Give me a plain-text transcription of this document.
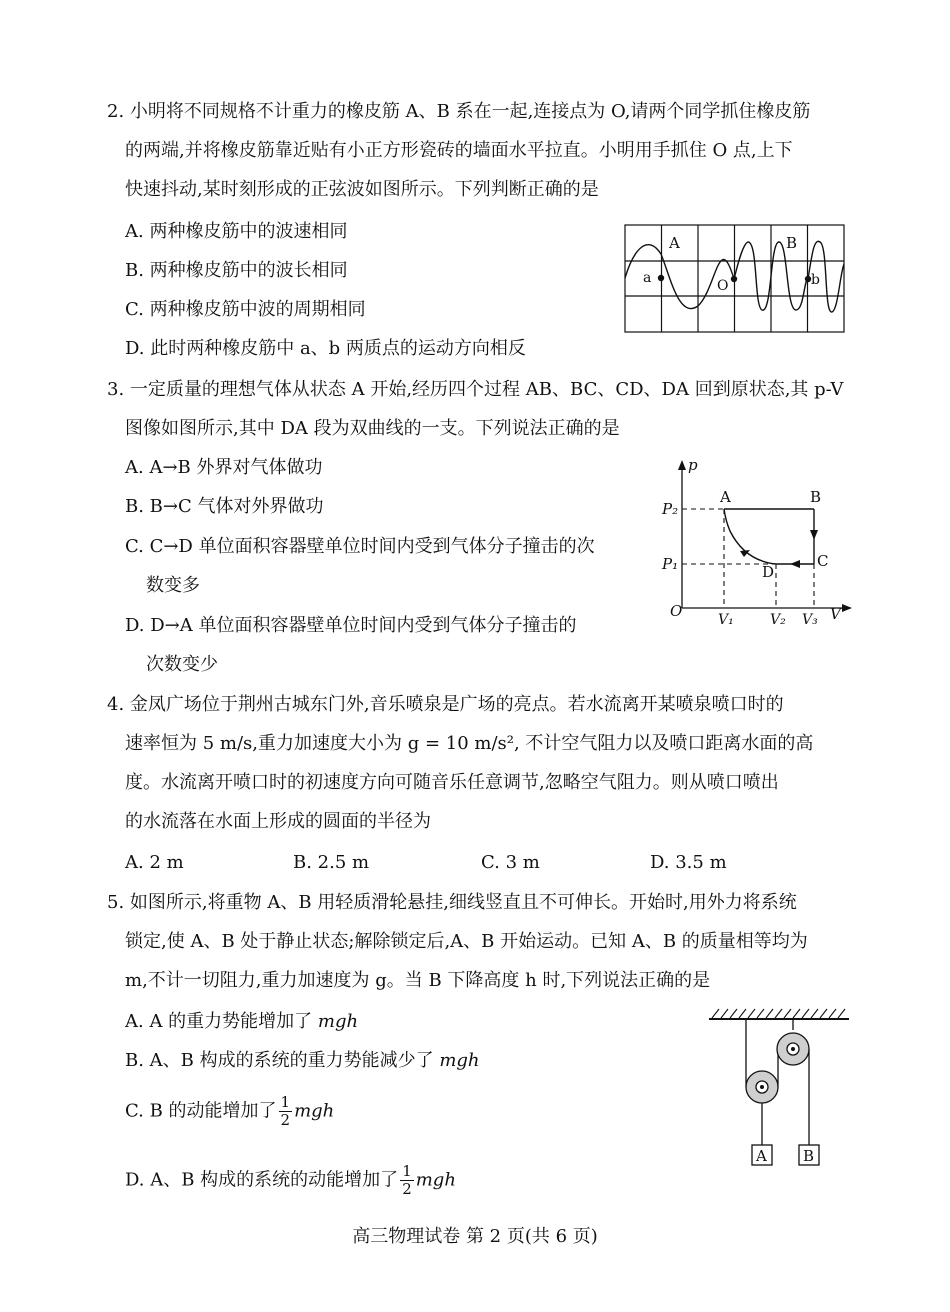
2. 小明将不同规格不计重力的橡皮筋 A、B 系在一起,连接点为 O,请两个同学抓住橡皮筋
的两端,并将橡皮筋靠近贴有小正方形瓷砖的墙面水平拉直。小明用手抓住 O 点,上下
快速抖动,某时刻形成的正弦波如图所示。下列判断正确的是
A. 两种橡皮筋中的波速相同
B. 两种橡皮筋中的波长相同
C. 两种橡皮筋中波的周期相同
D. 此时两种橡皮筋中 a、b 两质点的运动方向相反
A	B
a	O	b
3. 一定质量的理想气体从状态 A 开始,经历四个过程 AB、BC、CD、DA 回到原状态,其 p-V
图像如图所示,其中 DA 段为双曲线的一支。下列说法正确的是
A. A→B 外界对气体做功
B. B→C 气体对外界做功
C. C→D 单位面积容器壁单位时间内受到气体分子撞击的次
数变多
D. D→A 单位面积容器壁单位时间内受到气体分子撞击的
次数变少
p
V
O
P₂
P₁
V₁	V₂ V₃
A	B
C
D
4. 金凤广场位于荆州古城东门外,音乐喷泉是广场的亮点。若水流离开某喷泉喷口时的
速率恒为 5 m/s,重力加速度大小为 g = 10 m/s², 不计空气阻力以及喷口距离水面的高
度。水流离开喷口时的初速度方向可随音乐任意调节,忽略空气阻力。则从喷口喷出
的水流落在水面上形成的圆面的半径为
A. 2 m	B. 2.5 m	C. 3 m	D. 3.5 m
5. 如图所示,将重物 A、B 用轻质滑轮悬挂,细线竖直且不可伸长。开始时,用外力将系统
锁定,使 A、B 处于静止状态;解除锁定后,A、B 开始运动。已知 A、B 的质量相等均为
m,不计一切阻力,重力加速度为 g。当 B 下降高度 h 时,下列说法正确的是
A. A 的重力势能增加了 mgh
B. A、B 构成的系统的重力势能减少了 mgh
C. B 的动能增加了 $\frac{1}{2}$ mgh
D. A、B 构成的系统的动能增加了 $\frac{1}{2}$ mgh
A B
高三物理试卷 第 2 页(共 6 页)
